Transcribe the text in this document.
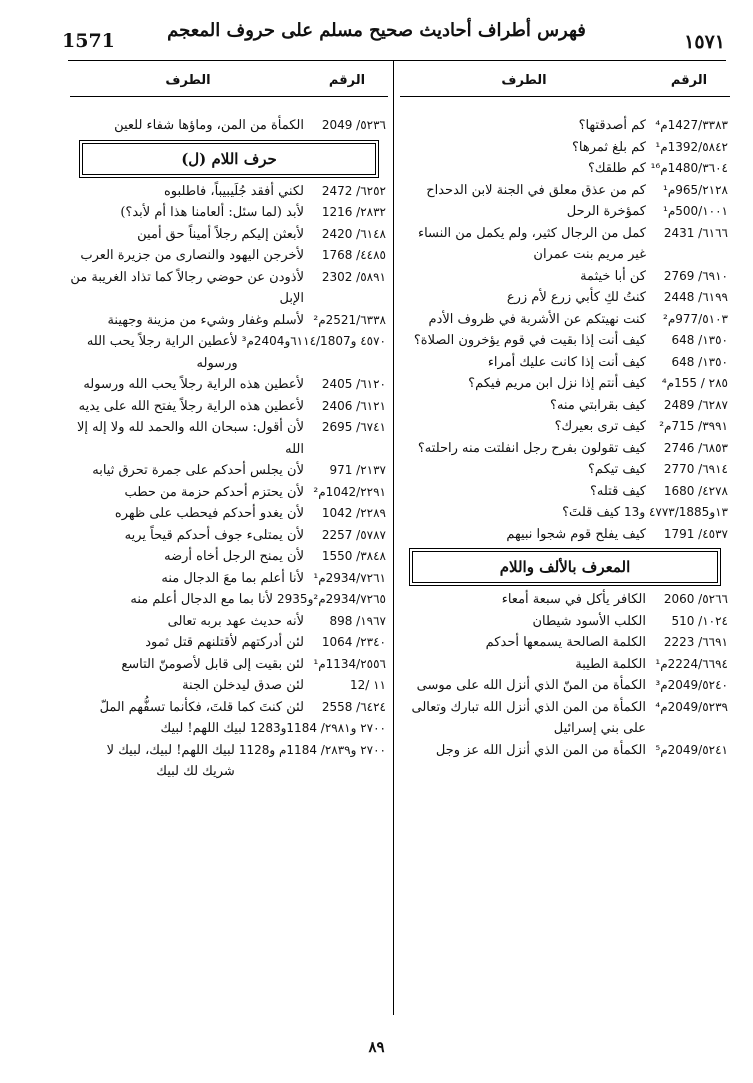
1571	فهرس أطراف أحاديث صحيح مسلم على حروف المعجم
١٥٧١
الرقم
الطرف
٣٣٨٣/1427م⁴
كم أصدقتها؟
٥٨٤٢/1392م¹
كم بلغ ثمرها؟
٣٦٠٤/1480م¹⁶
كم طلقك؟
٢١٢٨/965م¹
كم من عذق معلق في الجنة لابن الدحداح
١٠٠١/500م¹
كمؤخرة الرحل
٦١٦٦/ 2431
كمل من الرجال كثير، ولم يكمل من النساء غير مريم بنت عمران
٦٩١٠/ 2769
كن أبا خيثمة
٦١٩٩/ 2448
كنتُ لكِ كأبي زرع لأم زرع
٥١٠٣/977م²
كنت نهيتكم عن الأشربة في ظروف الأدم
١٣٥٠/ 648
كيف أنت إذا بقيت في قوم يؤخرون الصلاة؟
١٣٥٠/ 648
كيف أنت إذا كانت عليك أمراء
٢٨٥ / 155م⁴
كيف أنتم إذا نزل ابن مريم فيكم؟
٦٢٨٧/ 2489
كيف بقرابتي منه؟
٣٩٩١/ 715م²
كيف ترى بعيرك؟
٦٨٥٣/ 2746
كيف تقولون بفرح رجل انفلتت منه راحلته؟
٦٩١٤/ 2770
كيف تيكم؟
٤٢٧٨/ 1680
كيف قتله؟
١٣و٤٧٧٣/1885 و13
كيف قلتَ؟
٤٥٣٧/ 1791
كيف يفلح قوم شجوا نبيهم
المعرف بالألف واللام
٥٢٦٦/ 2060
الكافر يأكل في سبعة أمعاء
١٠٢٤/ 510
الكلب الأسود شيطان
٦٦٩١/ 2223
الكلمة الصالحة يسمعها أحدكم
٦٦٩٤/2224م¹
الكلمة الطيبة
٥٢٤٠/2049م³
الكمأة من المنّ الذي أنزل الله على موسى
٥٢٣٩/2049م⁴
الكمأة من المن الذي أنزل الله تبارك وتعالى على بني إسرائيل
٥٢٤١/2049م⁵
الكمأة من المن الذي أنزل الله عز وجل
الرقم
الطرف
٥٢٣٦/ 2049
الكمأة من المن، وماؤها شفاء للعين
حرف اللام (ل)
٦٢٥٢/ 2472
لكني أفقد جُلَيبيباً، فاطلبوه
٢٨٣٢/ 1216
لأبد (لما سئل: ألعامنا هذا أم لأبد؟)
٦١٤٨/ 2420
لأبعثن إليكم رجلاً أميناً حق أمين
٤٤٨٥/ 1768
لأخرجن اليهود والنصارى من جزيرة العرب
٥٨٩١/ 2302
لأذودن عن حوضي رجالاً كما تذاد الغريبة من الإبل
٦٣٣٨/2521م²
لأسلم وغفار وشيء من مزينة وجهينة
٤٥٧٠ و٦١١٤/1807و2404م³
لأعطين الراية رجلاً يحب الله ورسوله
٦١٢٠/ 2405
لأعطين هذه الراية رجلاً يحب الله ورسوله
٦١٢١/ 2406
لأعطين هذه الراية رجلاً يفتح الله على يديه
٦٧٤١/ 2695
لأن أقول: سبحان الله والحمد لله ولا إله إلا الله
٢١٣٧/ 971
لأن يجلس أحدكم على جمرة تحرق ثيابه
٢٢٩١/1042م²
لأن يحتزم أحدكم حزمة من حطب
٢٢٨٩/ 1042
لأن يغدو أحدكم فيحطب على ظهره
٥٧٨٧/ 2257
لأن يمتلىء جوف أحدكم قيحاً يريه
٣٨٤٨/ 1550
لأن يمنح الرجل أخاه أرضه
٧٢٦١/2934م¹
لأنا أعلم بما معَ الدجال منه
٧٢٦٥/2934م²و2935
لأنا بما مع الدجال أعلم منه
١٩٦٧/ 898
لأنه حديث عهد بربه تعالى
٢٣٤٠/ 1064
لئن أدركتهم لأقتلنهم قتل ثمود
٢٥٥٦/1134م¹
لئن بقيت إلى قابل لأصومنّ التاسع
١١ /12
لئن صدق ليدخلن الجنة
٦٤٢٤/ 2558
لئن كنتَ كما قلتَ، فكأنما تسفُّهم الملّ
٢٧٠٠ و٢٩٨١/ 1184و1283
لبيك اللهم! لبيك
٢٧٠٠ و٢٨٣٩/ 1184م و1128
لبيك اللهم! لبيك، لبيك لا شريك لك لبيك
٨٩
